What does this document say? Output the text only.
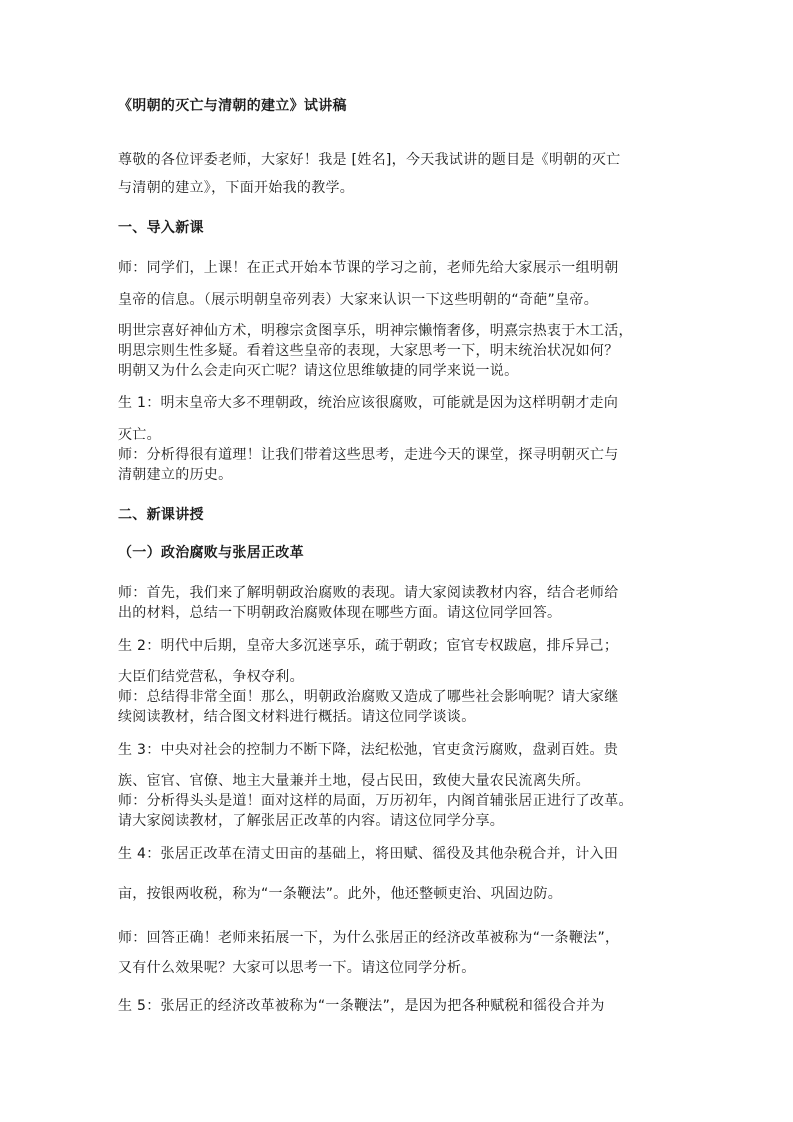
《明朝的灭亡与清朝的建立》试讲稿
尊敬的各位评委老师，大家好！我是 [姓名]，今天我试讲的题目是《明朝的灭亡
与清朝的建立》，下面开始我的教学。
一、导入新课
师：同学们，上课！在正式开始本节课的学习之前，老师先给大家展示一组明朝
皇帝的信息。（展示明朝皇帝列表）大家来认识一下这些明朝的“奇葩”皇帝。
明世宗喜好神仙方术，明穆宗贪图享乐，明神宗懒惰奢侈，明熹宗热衷于木工活，
明思宗则生性多疑。看着这些皇帝的表现，大家思考一下，明末统治状况如何？
明朝又为什么会走向灭亡呢？请这位思维敏捷的同学来说一说。
生 1：明末皇帝大多不理朝政，统治应该很腐败，可能就是因为这样明朝才走向
灭亡。
师：分析得很有道理！让我们带着这些思考，走进今天的课堂，探寻明朝灭亡与
清朝建立的历史。
二、新课讲授
（一）政治腐败与张居正改革
师：首先，我们来了解明朝政治腐败的表现。请大家阅读教材内容，结合老师给
出的材料，总结一下明朝政治腐败体现在哪些方面。请这位同学回答。
生 2：明代中后期，皇帝大多沉迷享乐，疏于朝政；宦官专权跋扈，排斥异己；
大臣们结党营私，争权夺利。
师：总结得非常全面！那么，明朝政治腐败又造成了哪些社会影响呢？请大家继
续阅读教材，结合图文材料进行概括。请这位同学谈谈。
生 3：中央对社会的控制力不断下降，法纪松弛，官吏贪污腐败，盘剥百姓。贵
族、宦官、官僚、地主大量兼并土地，侵占民田，致使大量农民流离失所。
师：分析得头头是道！面对这样的局面，万历初年，内阁首辅张居正进行了改革。
请大家阅读教材，了解张居正改革的内容。请这位同学分享。
生 4：张居正改革在清丈田亩的基础上，将田赋、徭役及其他杂税合并，计入田
亩，按银两收税，称为“一条鞭法”。此外，他还整顿吏治、巩固边防。
师：回答正确！老师来拓展一下，为什么张居正的经济改革被称为“一条鞭法”，
又有什么效果呢？大家可以思考一下。请这位同学分析。
生 5：张居正的经济改革被称为“一条鞭法”，是因为把各种赋税和徭役合并为
